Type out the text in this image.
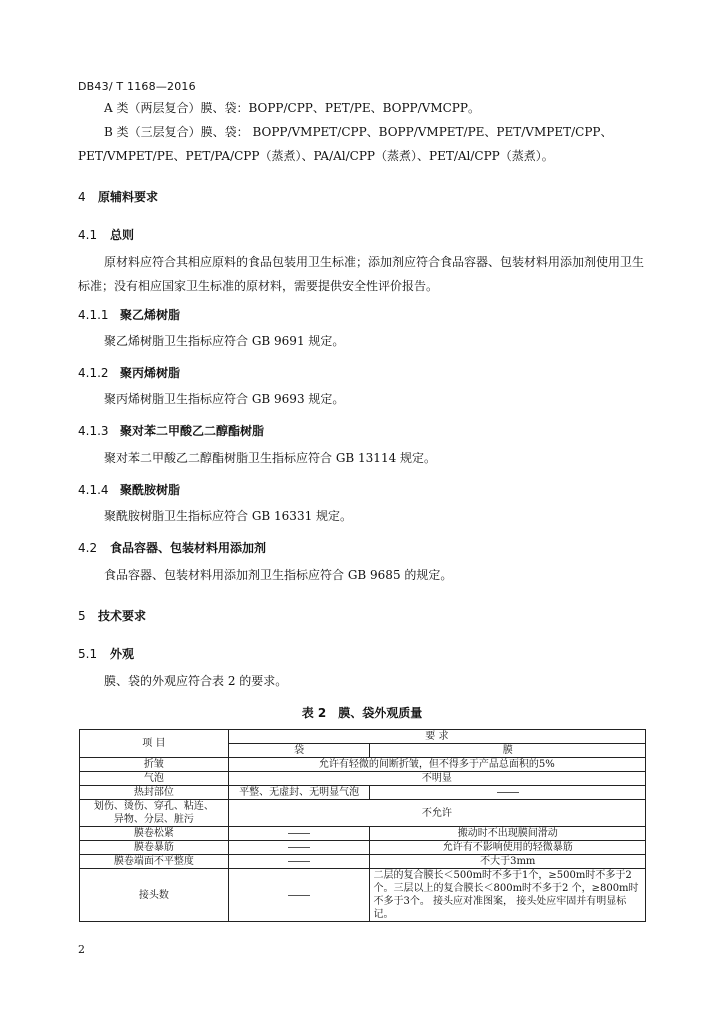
DB43/ T 1168—2016
A 类（两层复合）膜、袋：BOPP/CPP、PET/PE、BOPP/VMCPP。
B 类（三层复合）膜、袋： BOPP/VMPET/CPP、BOPP/VMPET/PE、PET/VMPET/CPP、PET/VMPET/PE、PET/PA/CPP（蒸煮）、PA/Al/CPP（蒸煮）、PET/Al/CPP（蒸煮）。
4 原辅料要求
4.1 总则
原材料应符合其相应原料的食品包装用卫生标准；添加剂应符合食品容器、包装材料用添加剂使用卫生标准；没有相应国家卫生标准的原材料，需要提供安全性评价报告。
4.1.1 聚乙烯树脂
聚乙烯树脂卫生指标应符合 GB 9691 规定。
4.1.2 聚丙烯树脂
聚丙烯树脂卫生指标应符合 GB 9693 规定。
4.1.3 聚对苯二甲酸乙二醇酯树脂
聚对苯二甲酸乙二醇酯树脂卫生指标应符合 GB 13114 规定。
4.1.4 聚酰胺树脂
聚酰胺树脂卫生指标应符合 GB 16331 规定。
4.2 食品容器、包装材料用添加剂
食品容器、包装材料用添加剂卫生指标应符合 GB 9685 的规定。
5 技术要求
5.1 外观
膜、袋的外观应符合表 2 的要求。
表 2　膜、袋外观质量
项 目	要 求	
	袋	膜
折皱	允许有轻微的间断折皱，但不得多于产品总面积的5%	
气泡	不明显	
热封部位	平整、无虚封、无明显气泡	

划伤、烫伤、穿孔、粘连、
异物、分层、脏污	不允许	
膜卷松紧		搬动时不出现膜间滑动
膜卷暴筋		允许有不影响使用的轻微暴筋
膜卷端面不平整度		不大于3mm
接头数		二层的复合膜长＜500m时不多于1个，≥500m时不多于2个。三层以上的复合膜长＜800m时不多于2 个，≥800m时不多于3个。 接头应对准图案， 接头处应牢固并有明显标记。
2
